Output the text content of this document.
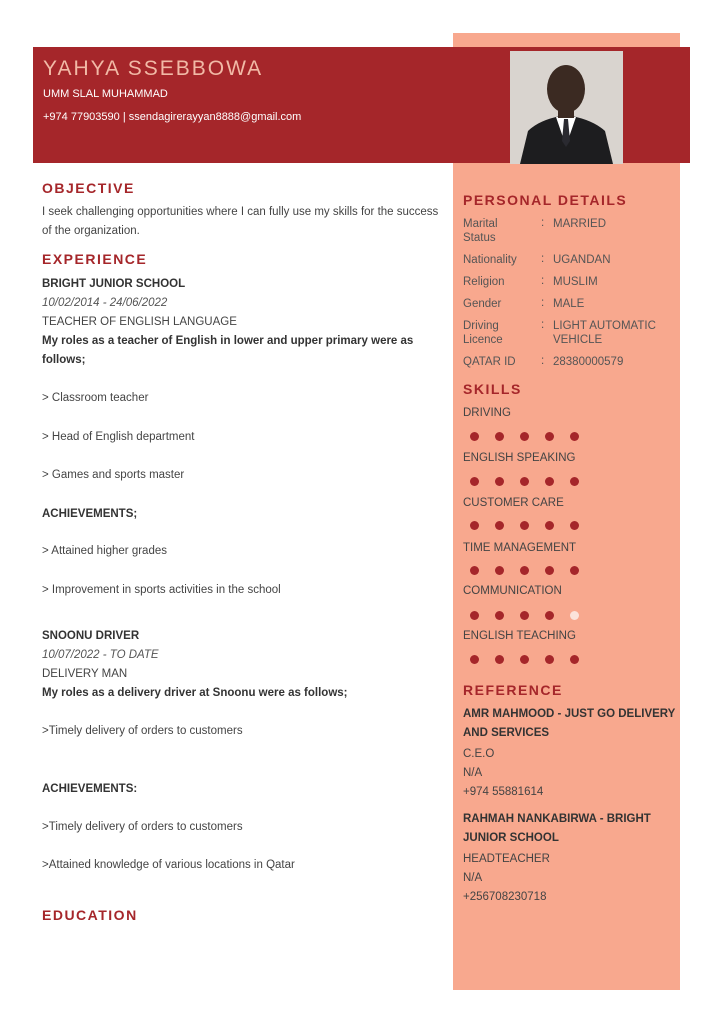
YAHYA SSEBBOWA
UMM SLAL MUHAMMAD
+974 77903590 | ssendagirerayyan8888@gmail.com
OBJECTIVE
I seek challenging opportunities where I can fully use my skills for the success of the organization.
EXPERIENCE
BRIGHT JUNIOR SCHOOL
10/02/2014 - 24/06/2022
TEACHER OF ENGLISH LANGUAGE
My roles as a teacher of English in lower and upper primary were as follows;
> Classroom teacher
> Head of English department
> Games and sports master
ACHIEVEMENTS;
> Attained higher grades
> Improvement in sports activities in the school
SNOONU DRIVER
10/07/2022 - TO DATE
DELIVERY MAN
My roles as a delivery driver at Snoonu were as follows;
>Timely delivery of orders to customers
ACHIEVEMENTS:
>Timely delivery of orders to customers
>Attained knowledge of various locations in Qatar
EDUCATION
PERSONAL DETAILS
Marital Status
: MARRIED
Nationality	: UGANDAN
Religion	: MUSLIM
Gender	: MALE
Driving Licence
: LIGHT AUTOMATIC VEHICLE
QATAR ID	: 28380000579
SKILLS
DRIVING
ENGLISH SPEAKING
CUSTOMER CARE
TIME MANAGEMENT
COMMUNICATION
ENGLISH TEACHING
REFERENCE
AMR MAHMOOD - JUST GO DELIVERY AND SERVICES
C.E.O
N/A
+974 55881614
RAHMAH NANKABIRWA - BRIGHT JUNIOR SCHOOL
HEADTEACHER
N/A
+256708230718
